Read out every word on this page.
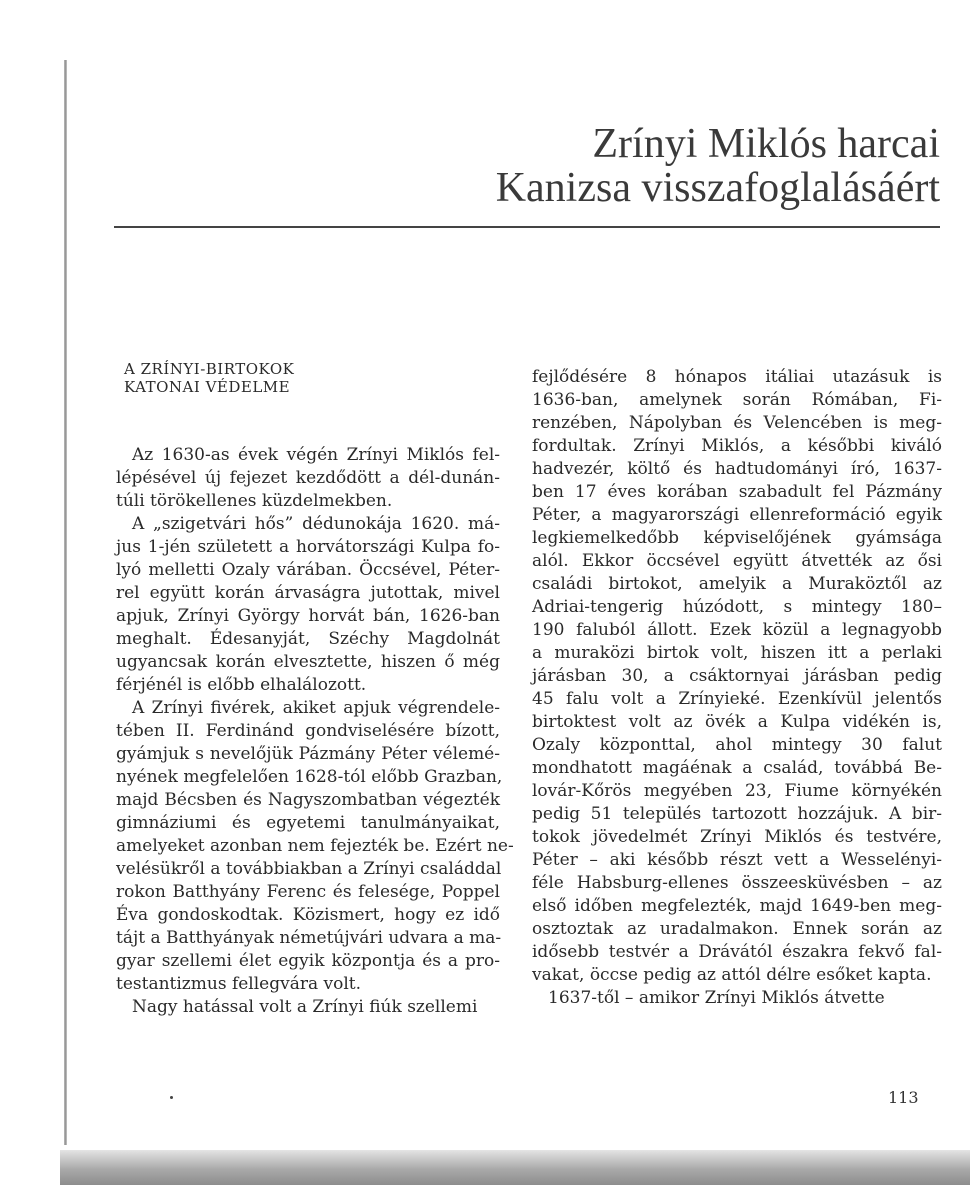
Zrínyi Miklós harcai
Kanizsa visszafoglalásáért
A ZRÍNYI-BIRTOKOK
KATONAI VÉDELME
Az 1630-as évek végén Zrínyi Miklós fel-
lépésével új fejezet kezdődött a dél-dunán-
túli törökellenes küzdelmekben.
A „szigetvári hős” dédunokája 1620. má-
jus 1-jén született a horvátországi Kulpa fo-
lyó melletti Ozaly várában. Öccsével, Péter-
rel együtt korán árvaságra jutottak, mivel
apjuk, Zrínyi György horvát bán, 1626-ban
meghalt. Édesanyját, Széchy Magdolnát
ugyancsak korán elvesztette, hiszen ő még
férjénél is előbb elhalálozott.
A Zrínyi fivérek, akiket apjuk végrendele-
tében II. Ferdinánd gondviselésére bízott,
gyámjuk s nevelőjük Pázmány Péter vélemé-
nyének megfelelően 1628-tól előbb Grazban,
majd Bécsben és Nagyszombatban végezték
gimnáziumi és egyetemi tanulmányaikat,
amelyeket azonban nem fejezték be. Ezért ne-
velésükről a továbbiakban a Zrínyi családdal
rokon Batthyány Ferenc és felesége, Poppel
Éva gondoskodtak. Közismert, hogy ez idő
tájt a Batthyányak németújvári udvara a ma-
gyar szellemi élet egyik központja és a pro-
testantizmus fellegvára volt.
Nagy hatással volt a Zrínyi fiúk szellemi
fejlődésére 8 hónapos itáliai utazásuk is
1636-ban, amelynek során Rómában, Fi-
renzében, Nápolyban és Velencében is meg-
fordultak. Zrínyi Miklós, a későbbi kiváló
hadvezér, költő és hadtudományi író, 1637-
ben 17 éves korában szabadult fel Pázmány
Péter, a magyarországi ellenreformáció egyik
legkiemelkedőbb képviselőjének gyámsága
alól. Ekkor öccsével együtt átvették az ősi
családi birtokot, amelyik a Muraköztől az
Adriai-tengerig húzódott, s mintegy 180–
190 faluból állott. Ezek közül a legnagyobb
a muraközi birtok volt, hiszen itt a perlaki
járásban 30, a csáktornyai járásban pedig
45 falu volt a Zrínyieké. Ezenkívül jelentős
birtoktest volt az övék a Kulpa vidékén is,
Ozaly központtal, ahol mintegy 30 falut
mondhatott magáénak a család, továbbá Be-
lovár-Kőrös megyében 23, Fiume környékén
pedig 51 település tartozott hozzájuk. A bir-
tokok jövedelmét Zrínyi Miklós és testvére,
Péter – aki később részt vett a Wesselényi-
féle Habsburg-ellenes összeesküvésben – az
első időben megfelezték, majd 1649-ben meg-
osztoztak az uradalmakon. Ennek során az
idősebb testvér a Drávától északra fekvő fal-
vakat, öccse pedig az attól délre esőket kapta.
1637-től – amikor Zrínyi Miklós átvette
113
